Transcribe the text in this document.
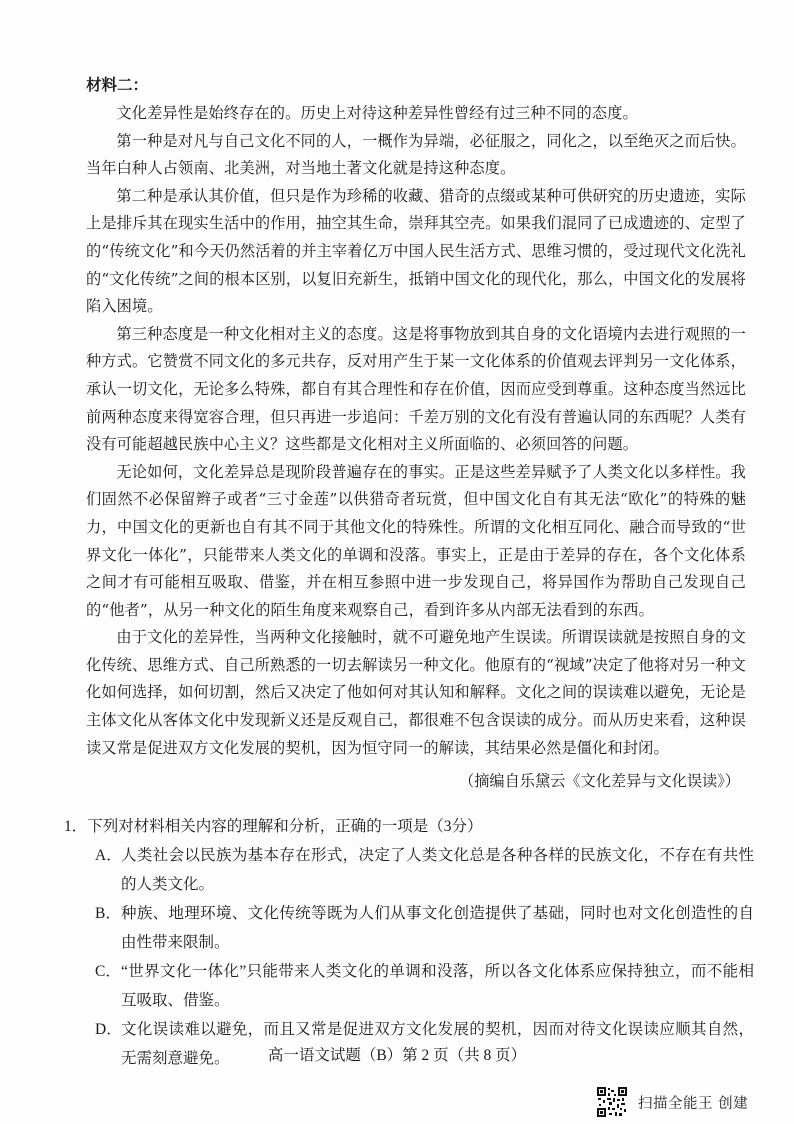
材料二：

文化差异性是始终存在的。历史上对待这种差异性曾经有过三种不同的态度。

第一种是对凡与自己文化不同的人，一概作为异端，必征服之，同化之，以至绝灭之而后快。当年白种人占领南、北美洲，对当地土著文化就是持这种态度。

第二种是承认其价值，但只是作为珍稀的收藏、猎奇的点缀或某种可供研究的历史遗迹，实际上是排斥其在现实生活中的作用，抽空其生命，崇拜其空壳。如果我们混同了已成遗迹的、定型了的“传统文化”和今天仍然活着的并主宰着亿万中国人民生活方式、思维习惯的，受过现代文化洗礼的“文化传统”之间的根本区别，以复旧充新生，抵销中国文化的现代化，那么，中国文化的发展将陷入困境。

第三种态度是一种文化相对主义的态度。这是将事物放到其自身的文化语境内去进行观照的一种方式。它赞赏不同文化的多元共存，反对用产生于某一文化体系的价值观去评判另一文化体系，承认一切文化，无论多么特殊，都自有其合理性和存在价值，因而应受到尊重。这种态度当然远比前两种态度来得宽容合理，但只再进一步追问：千差万别的文化有没有普遍认同的东西呢？人类有没有可能超越民族中心主义？这些都是文化相对主义所面临的、必须回答的问题。

无论如何，文化差异总是现阶段普遍存在的事实。正是这些差异赋予了人类文化以多样性。我们固然不必保留辫子或者“三寸金莲”以供猎奇者玩赏，但中国文化自有其无法“欧化”的特殊的魅力，中国文化的更新也自有其不同于其他文化的特殊性。所谓的文化相互同化、融合而导致的“世界文化一体化”，只能带来人类文化的单调和没落。事实上，正是由于差异的存在，各个文化体系之间才有可能相互吸取、借鉴，并在相互参照中进一步发现自己，将异国作为帮助自己发现自己的“他者”，从另一种文化的陌生角度来观察自己，看到许多从内部无法看到的东西。

由于文化的差异性，当两种文化接触时，就不可避免地产生误读。所谓误读就是按照自身的文化传统、思维方式、自己所熟悉的一切去解读另一种文化。他原有的“视域”决定了他将对另一种文化如何选择，如何切割，然后又决定了他如何对其认知和解释。文化之间的误读难以避免，无论是主体文化从客体文化中发现新义还是反观自己，都很难不包含误读的成分。而从历史来看，这种误读又常是促进双方文化发展的契机，因为恒守同一的解读，其结果必然是僵化和封闭。

（摘编自乐黛云《文化差异与文化误读》）

1．下列对材料相关内容的理解和分析，正确的一项是（3分）

A． 人类社会以民族为基本存在形式，决定了人类文化总是各种各样的民族文化，不存在有共性的人类文化。
B． 种族、地理环境、文化传统等既为人们从事文化创造提供了基础，同时也对文化创造性的自由性带来限制。
C． “世界文化一体化”只能带来人类文化的单调和没落，所以各文化体系应保持独立，而不能相互吸取、借鉴。
D． 文化误读难以避免，而且又常是促进双方文化发展的契机，因而对待文化误读应顺其自然，无需刻意避免。	高一语文试题（B）第 2 页（共 8 页）
扫描全能王 创建
